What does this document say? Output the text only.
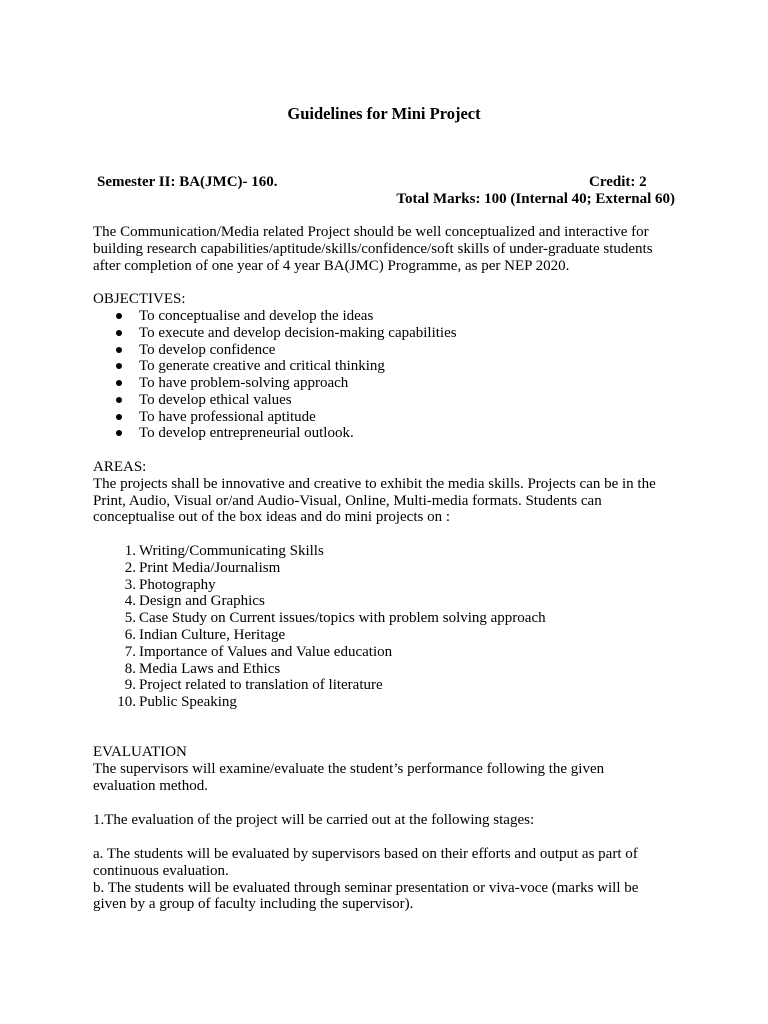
Guidelines for Mini Project
Semester II: BA(JMC)- 160.	Credit: 2
Total Marks: 100 (Internal 40; External 60)
The Communication/Media related Project should be well conceptualized and interactive for
building research capabilities/aptitude/skills/confidence/soft skills of under-graduate students
after completion of one year of 4 year BA(JMC) Programme, as per NEP 2020.
OBJECTIVES:
To conceptualise and develop the ideas
To execute and develop decision-making capabilities
To develop confidence
To generate creative and critical thinking
To have problem-solving approach
To develop ethical values
To have professional aptitude
To develop entrepreneurial outlook.
AREAS:
The projects shall be innovative and creative to exhibit the media skills. Projects can be in the
Print, Audio, Visual or/and Audio-Visual, Online, Multi-media formats. Students can
conceptualise out of the box ideas and do mini projects on :
1. Writing/Communicating Skills
2. Print Media/Journalism
3. Photography
4. Design and Graphics
5. Case Study on Current issues/topics with problem solving approach
6. Indian Culture, Heritage
7. Importance of Values and Value education
8. Media Laws and Ethics
9. Project related to translation of literature
10. Public Speaking
EVALUATION
The supervisors will examine/evaluate the student’s performance following the given
evaluation method.
1.The evaluation of the project will be carried out at the following stages:
a. The students will be evaluated by supervisors based on their efforts and output as part of
continuous evaluation.
b. The students will be evaluated through seminar presentation or viva-voce (marks will be
given by a group of faculty including the supervisor).
